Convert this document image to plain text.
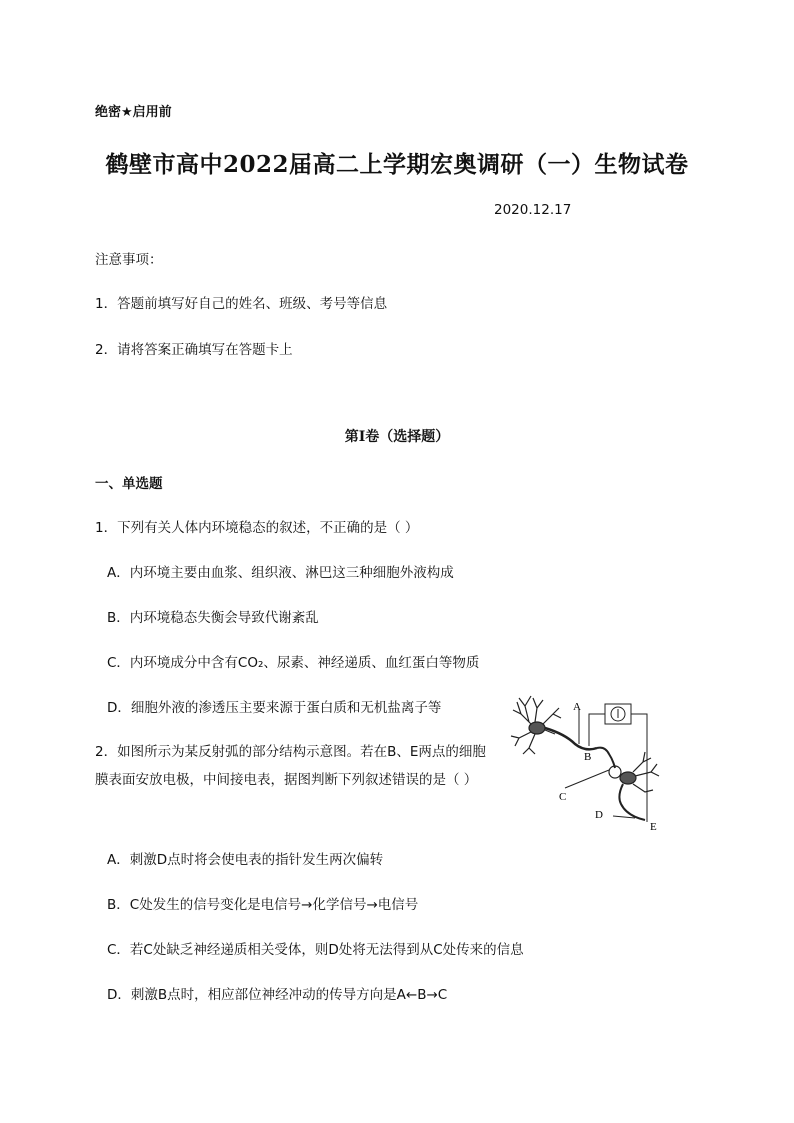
绝密★启用前
鹤壁市高中2022届高二上学期宏奥调研（一）生物试卷
2020.12.17
注意事项：
1．答题前填写好自己的姓名、班级、考号等信息
2．请将答案正确填写在答题卡上
第I卷（选择题）
一、单选题
1．下列有关人体内环境稳态的叙述，不正确的是（ ）
A．内环境主要由血浆、组织液、淋巴这三种细胞外液构成
B．内环境稳态失衡会导致代谢紊乱
C．内环境成分中含有CO₂、尿素、神经递质、血红蛋白等物质
D．细胞外液的渗透压主要来源于蛋白质和无机盐离子等
2．如图所示为某反射弧的部分结构示意图。若在B、E两点的细胞膜表面安放电极，中间接电表，据图判断下列叙述错误的是（ ）
A
B
C
D
E
A．刺激D点时将会使电表的指针发生两次偏转
B．C处发生的信号变化是电信号→化学信号→电信号
C．若C处缺乏神经递质相关受体，则D处将无法得到从C处传来的信息
D．刺激B点时，相应部位神经冲动的传导方向是A←B→C
